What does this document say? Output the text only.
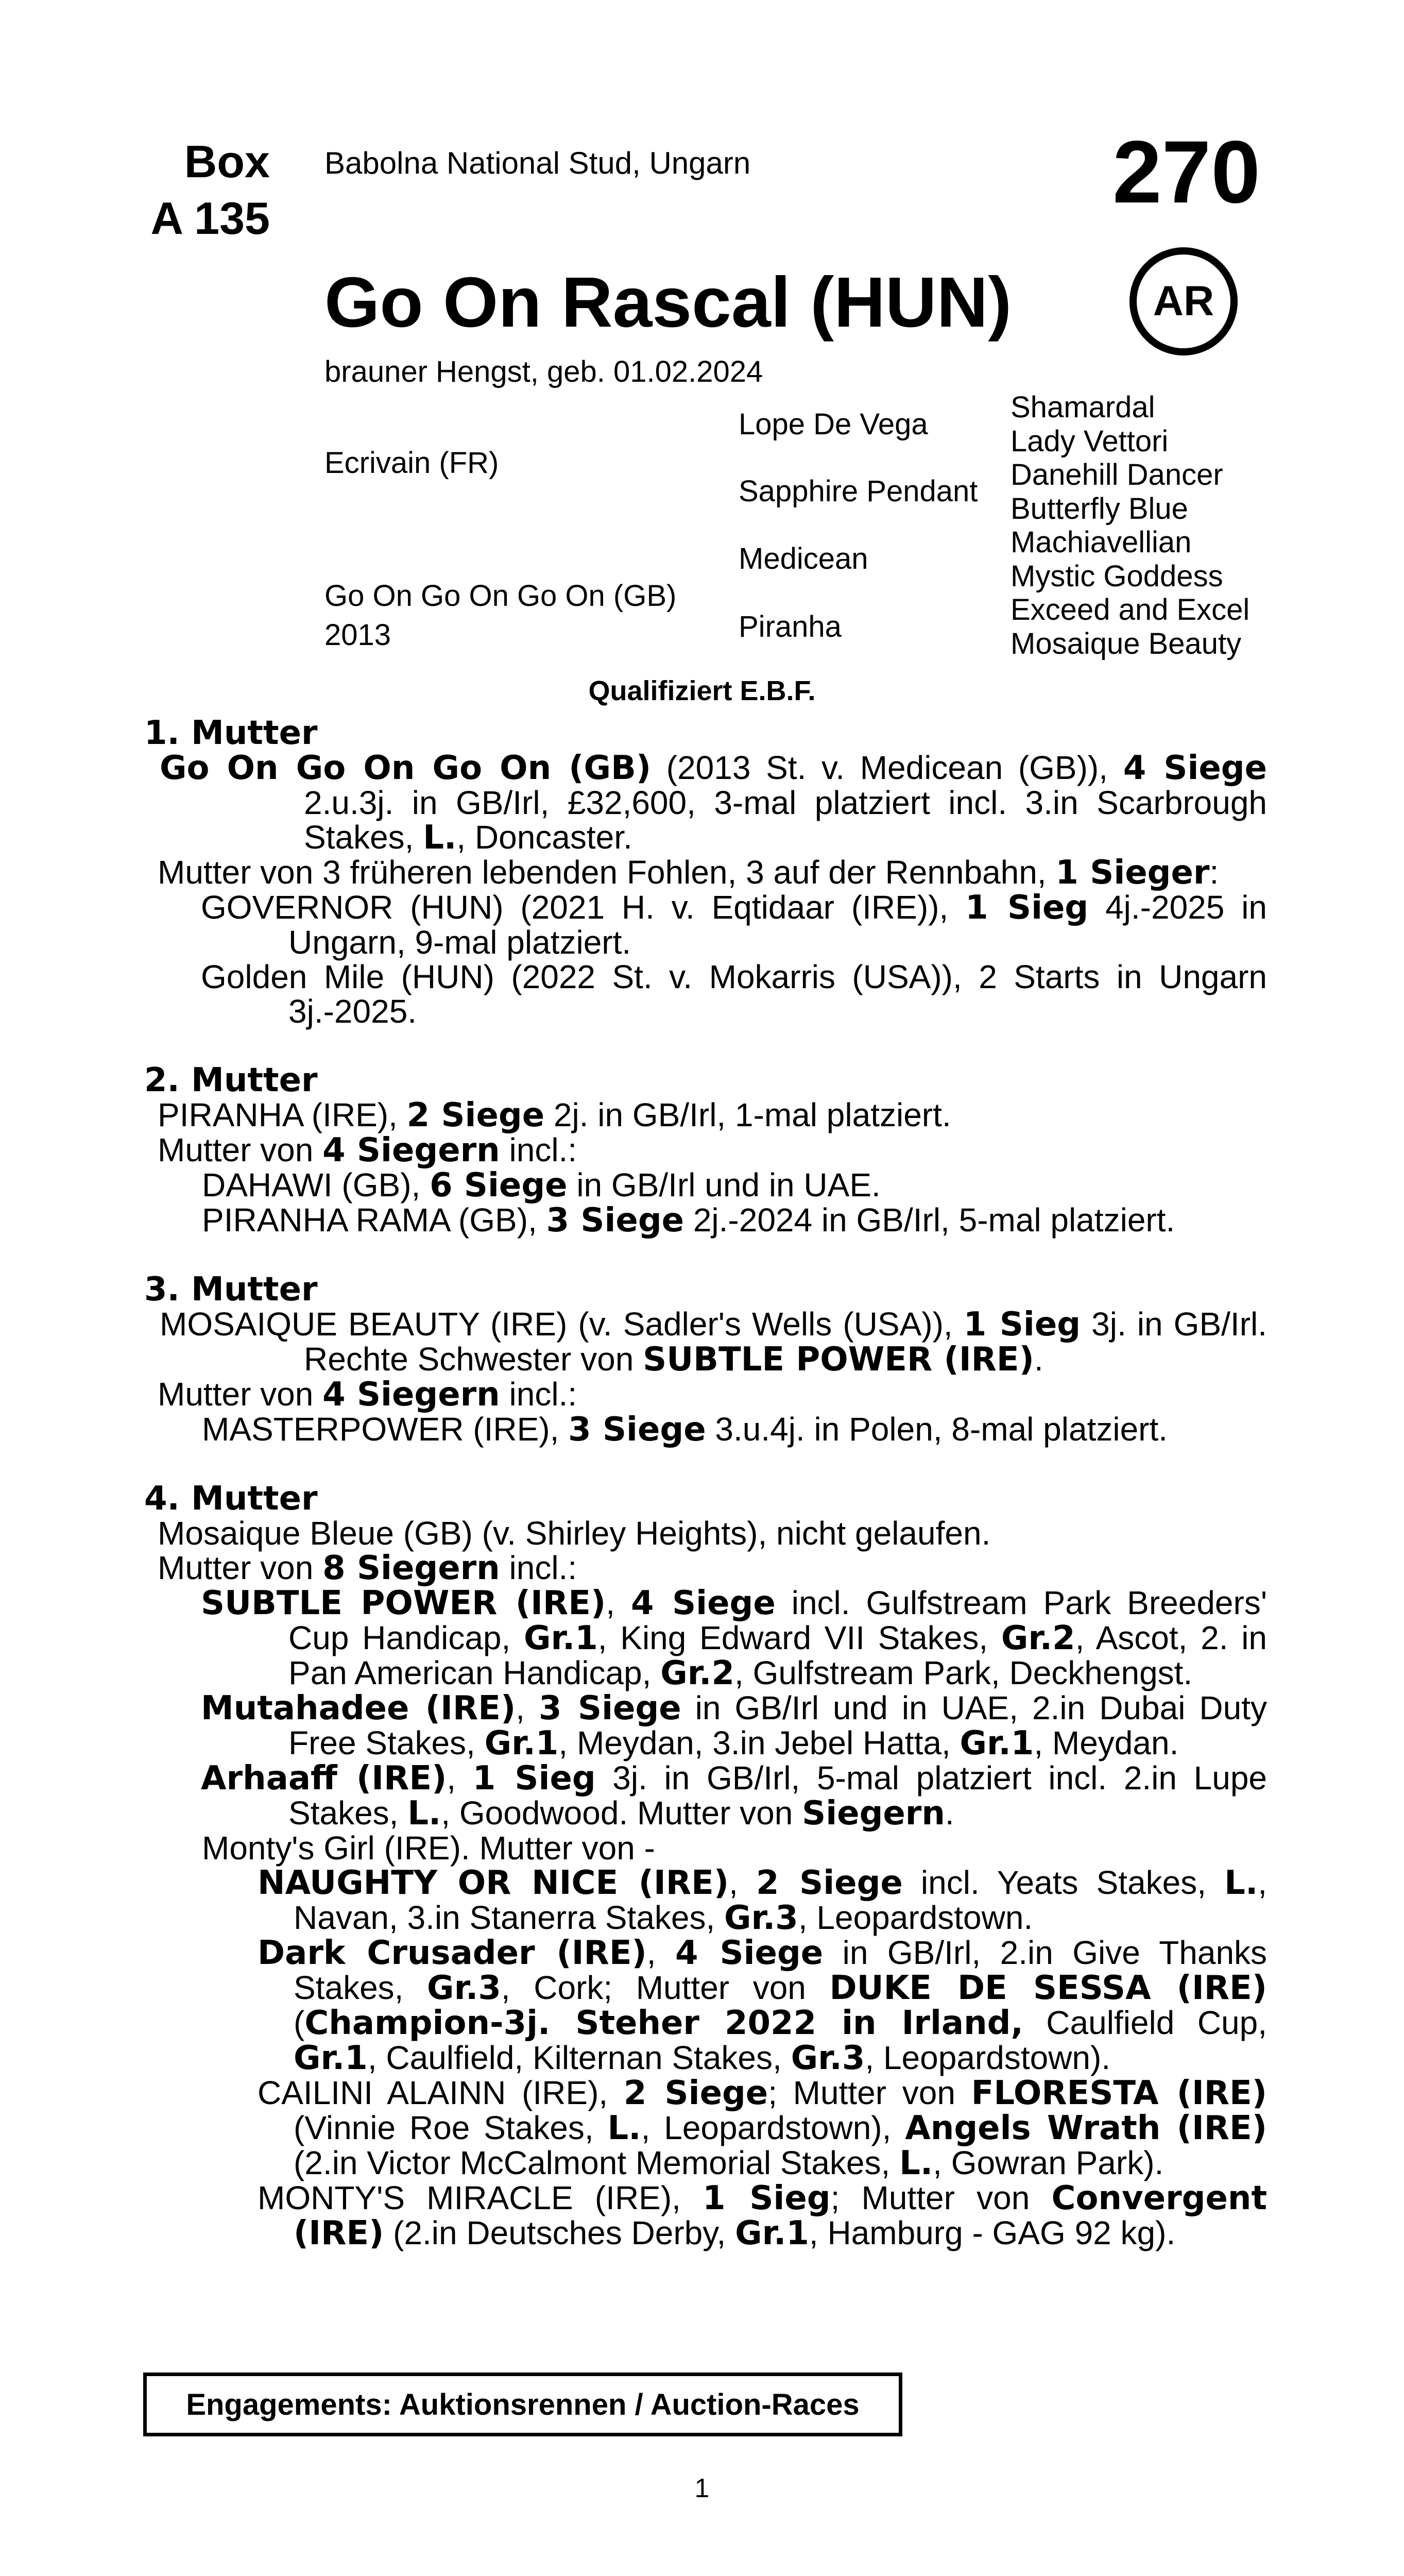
Box
A 135
Babolna National Stud, Ungarn	270
Go On Rascal (HUN)	AR
brauner Hengst, geb. 01.02.2024
Ecrivain (FR)
Go On Go On Go On (GB)
2013
Lope De Vega
Sapphire Pendant
Medicean
Piranha
Shamardal
Lady Vettori
Danehill Dancer
Butterfly Blue
Machiavellian
Mystic Goddess
Exceed and Excel
Mosaique Beauty
Qualifiziert E.B.F.
1. Mutter
Go On Go On Go On (GB) (2013 St. v. Medicean (GB)), 4 Siege 2.u.3j. in GB/Irl, £32,600, 3-mal platziert incl. 3.in Scarbrough Stakes, L., Doncaster.
Mutter von 3 früheren lebenden Fohlen, 3 auf der Rennbahn, 1 Sieger:
GOVERNOR (HUN) (2021 H. v. Eqtidaar (IRE)), 1 Sieg 4j.-2025 in Ungarn, 9-mal platziert.
Golden Mile (HUN) (2022 St. v. Mokarris (USA)), 2 Starts in Ungarn 3j.-2025.
2. Mutter
PIRANHA (IRE), 2 Siege 2j. in GB/Irl, 1-mal platziert.
Mutter von 4 Siegern incl.:
DAHAWI (GB), 6 Siege in GB/Irl und in UAE.
PIRANHA RAMA (GB), 3 Siege 2j.-2024 in GB/Irl, 5-mal platziert.
3. Mutter
MOSAIQUE BEAUTY (IRE) (v. Sadler's Wells (USA)), 1 Sieg 3j. in GB/Irl. Rechte Schwester von SUBTLE POWER (IRE).
Mutter von 4 Siegern incl.:
MASTERPOWER (IRE), 3 Siege 3.u.4j. in Polen, 8-mal platziert.
4. Mutter
Mosaique Bleue (GB) (v. Shirley Heights), nicht gelaufen.
Mutter von 8 Siegern incl.:
SUBTLE POWER (IRE), 4 Siege incl. Gulfstream Park Breeders' Cup Handicap, Gr.1, King Edward VII Stakes, Gr.2, Ascot, 2. in Pan American Handicap, Gr.2, Gulfstream Park, Deckhengst.
Mutahadee (IRE), 3 Siege in GB/Irl und in UAE, 2.in Dubai Duty Free Stakes, Gr.1, Meydan, 3.in Jebel Hatta, Gr.1, Meydan.
Arhaaff (IRE), 1 Sieg 3j. in GB/Irl, 5-mal platziert incl. 2.in Lupe Stakes, L., Goodwood. Mutter von Siegern.
Monty's Girl (IRE). Mutter von -
NAUGHTY OR NICE (IRE), 2 Siege incl. Yeats Stakes, L., Navan, 3.in Stanerra Stakes, Gr.3, Leopardstown.
Dark Crusader (IRE), 4 Siege in GB/Irl, 2.in Give Thanks Stakes, Gr.3, Cork; Mutter von DUKE DE SESSA (IRE) (Champion-3j. Steher 2022 in Irland, Caulfield Cup, Gr.1, Caulfield, Kilternan Stakes, Gr.3, Leopardstown).
CAILINI ALAINN (IRE), 2 Siege; Mutter von FLORESTA (IRE) (Vinnie Roe Stakes, L., Leopardstown), Angels Wrath (IRE) (2.in Victor McCalmont Memorial Stakes, L., Gowran Park).
MONTY'S MIRACLE (IRE), 1 Sieg; Mutter von Convergent (IRE) (2.in Deutsches Derby, Gr.1, Hamburg - GAG 92 kg).
Engagements: Auktionsrennen / Auction-Races
1
